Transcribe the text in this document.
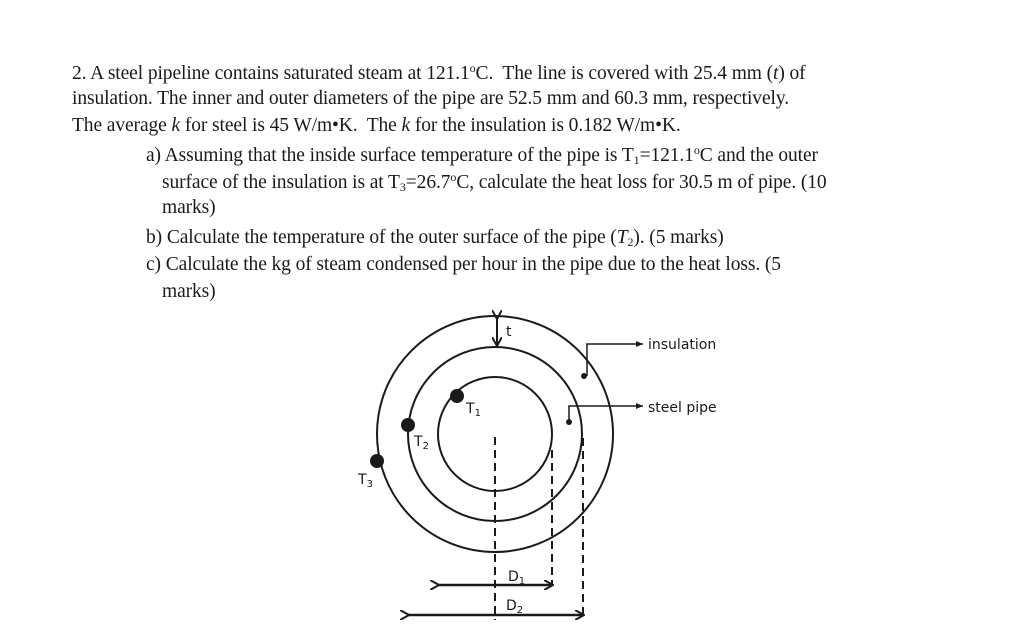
2. A steel pipeline contains saturated steam at 121.1$^o$C.  The line is covered with 25.4 mm (t) of
insulation. The inner and outer diameters of the pipe are 52.5 mm and 60.3 mm, respectively.
The average k for steel is 45 W/m•K.  The k for the insulation is 0.182 W/m•K.
a) Assuming that the inside surface temperature of the pipe is $T_1=121.1^oC$ and the outer
surface of the insulation is at $T_3=26.7^oC$, calculate the heat loss for 30.5 m of pipe. (10
marks)
b) Calculate the temperature of the outer surface of the pipe $(T_2)$. (5 marks)
c) Calculate the kg of steam condensed per hour in the pipe due to the heat loss. (5
marks)
t
$T_1$
$T_2$
$T_3$
insulation
steel pipe
$D_1$
$D_2$
